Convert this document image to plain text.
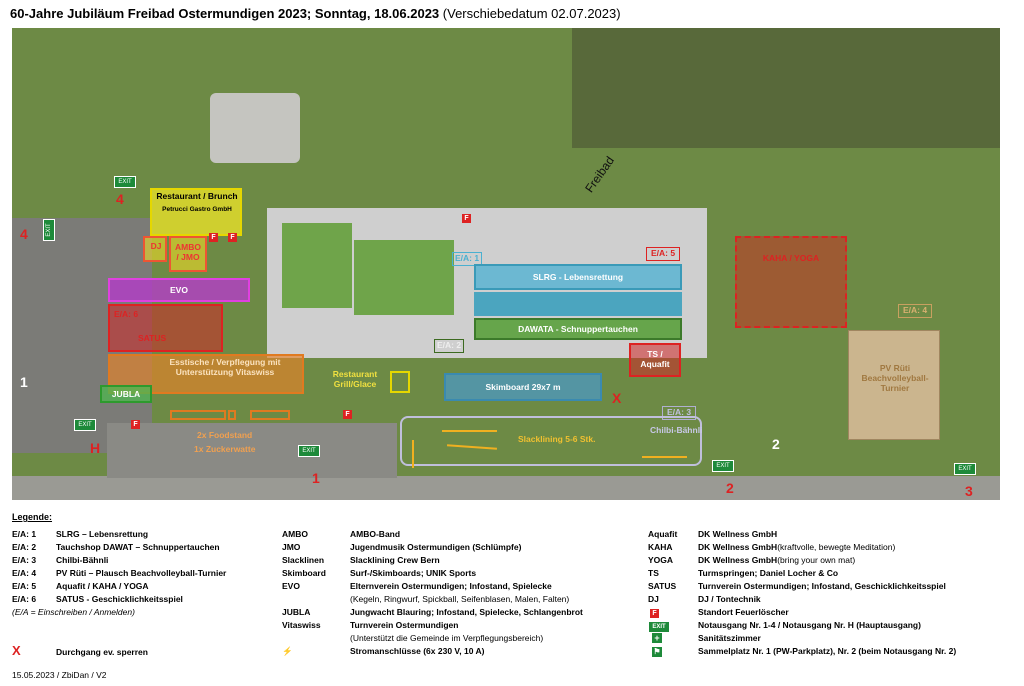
60-Jahre Jubiläum Freibad Ostermundigen 2023; Sonntag, 18.06.2023 (Verschiebedatum 02.07.2023)
Freibad
Restaurant / Brunch
Petrucci Gastro GmbH
DJ	AMBO / JMO
EVO
E/A: 6
SATUS
Esstische / Verpflegung mit Unterstützung Vitaswiss
JUBLA
2x Foodstand
1x Zuckerwatte
Restaurant Grill/Glace
E/A: 1
SLRG - Lebensrettung
DAWATA - Schnuppertauchen
E/A: 2
E/A: 5
TS / Aquafit
Skimboard 29x7 m
E/A: 3
Chilbi-Bähnli
Slacklining 5-6 Stk.
KAHA / YOGA
E/A: 4
PV Rüti Beachvolleyball-Turnier
EXIT
EXIT
EXIT
EXIT
EXIT	EXIT
F	F
F
F
F
4
4
H
1
2	3
X
1
2
Legende:
E/A: 1 SLRG – Lebensrettung
E/A: 2 Tauchshop DAWAT – Schnuppertauchen
E/A: 3 Chilbi-Bähnli
E/A: 4 PV Rüti – Plausch Beachvolleyball-Turnier
E/A: 5 Aquafit / KAHA / YOGA
E/A: 6 SATUS - Geschicklichkeitsspiel
(E/A = Einschreiben / Anmelden)
X	Durchgang ev. sperren
AMBO	AMBO-Band
JMO	Jugendmusik Ostermundigen (Schlümpfe)
Slacklinen	Slacklining Crew Bern
Skimboard	Surf-/Skimboards; UNIK Sports
EVO	Elternverein Ostermundigen; Infostand, Spielecke
(Kegeln, Ringwurf, Spickball, Seifenblasen, Malen, Falten)
JUBLA	Jungwacht Blauring; Infostand, Spielecke, Schlangenbrot
Vitaswiss	Turnverein Ostermundigen
(Unterstützt die Gemeinde im Verpflegungsbereich)
⚡	Stromanschlüsse (6x 230 V, 10 A)
Aquafit DK Wellness GmbH
KAHA	DK Wellness GmbH(kraftvolle, bewegte Meditation)
YOGA	DK Wellness GmbH(bring your own mat)
TS	Turmspringen; Daniel Locher & Co
SATUS	Turnverein Ostermundigen; Infostand, Geschicklichkeitsspiel
DJ	DJ / Tontechnik
F	Standort Feuerlöscher
EXIT	Notausgang Nr. 1-4 / Notausgang Nr. H (Hauptausgang)
+	Sanitätszimmer
⚑	Sammelplatz Nr. 1 (PW-Parkplatz), Nr. 2 (beim Notausgang Nr. 2)
15.05.2023 / ZbiDan / V2
